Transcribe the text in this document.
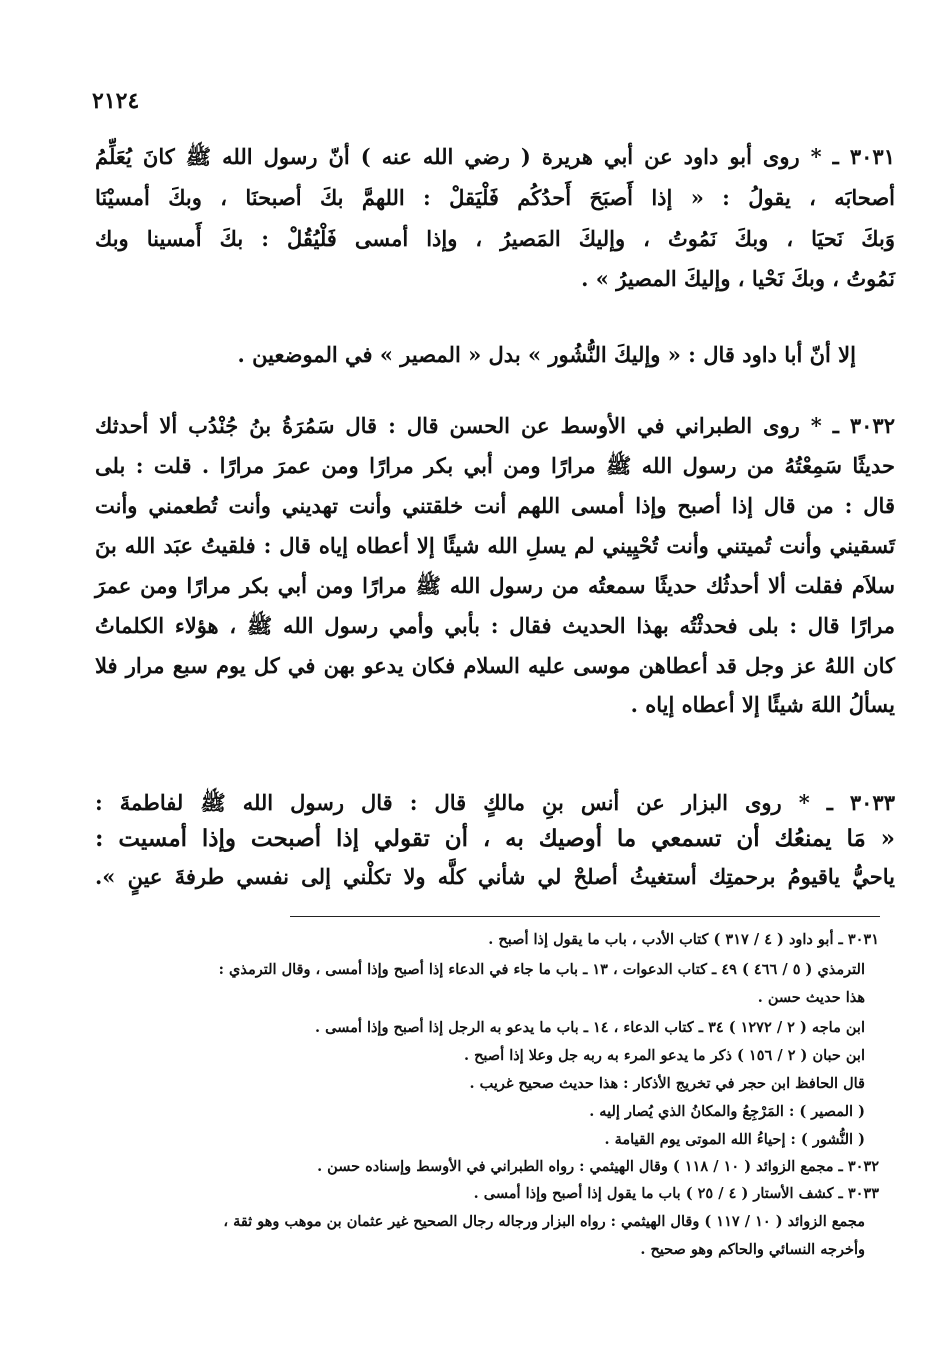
٢١٢٤
٣٠٣١ ـ * روى أبو داود عن أبي هريرة ( رضي الله عنه ) أنّ رسول الله ﷺ كانَ يُعَلِّمُ
أصحابَه ، يقولُ : « إذا أَصبَحَ أَحدُكُم فَلْيَقلْ : اللهمَّ بكَ أصبحنَا ، وبكَ أمسيْنَا
وَبكَ نَحيَا ، وبكَ نَمُوتُ ، وإليكَ المَصيرُ ، وإذا أمسى فَلْيُقُلْ : بكَ أَمسينا وبك
نَمُوتُ ، وبكَ نَحْيا ، وإليكَ المصيرُ » .
إلا أنّ أبا داود قال : « وإليكَ النُّشُور » بدل « المصير » في الموضعين .
٣٠٣٢ ـ * روى الطبراني في الأوسط عن الحسن قال : قال سَمُرَةُ بنُ جُنْدُب ألا أحدثك
حديثًا سَمِعْتُهُ من رسول الله ﷺ مرارًا ومن أبي بكر مرارًا ومن عمرَ مرارًا . قلت : بلى
قال : من قال إذا أصبح وإذا أمسى اللهم أنت خلقتني وأنت تهديني وأنت تُطعمني وأنت
تَسقيني وأنت تُميتني وأنت تُحْيِيني لم يسلِ الله شيئًا إلا أعطاه إياه قال : فلقيتُ عبَد الله بنَ
سلاَم فقلت ألا أحدثُك حديثًا سمعتُه من رسول الله ﷺ مرارًا ومن أبي بكر مرارًا ومن عمرَ
مرارًا قال : بلى فحدثْتُه بهذا الحديث فقال : بأبي وأمي رسول الله ﷺ ، هؤلاء الكلماتُ
كان اللهُ عز وجل قد أعطاهن موسى عليه السلام فكان يدعو بهن في كل يوم سبع مرار فلا
يسألُ اللهَ شيئًا إلا أعطاه إياه .
٣٠٣٣ ـ * روى البزار عن أنس بنِ مالكٍ قال : قال رسول الله ﷺ لفاطمةَ :
« مَا يمنعُك أن تسمعي ما أوصيك به ، أن تقولي إذا أصبحت وإذا أمسيت :
ياحيُّ ياقيومُ برحمتِك أستغيثُ أصلحْ لي شأني كلَّه ولا تكلْني إلى نفسي طرفةَ عينٍ ».
٣٠٣١ ـ أبو داود ( ٤ / ٣١٧ ) كتاب الأدب ، باب ما يقول إذا أصبح .
الترمذي ( ٥ / ٤٦٦ ) ٤٩ ـ كتاب الدعوات ، ١٣ ـ باب ما جاء في الدعاء إذا أصبح وإذا أمسى ، وقال الترمذي :
هذا حديث حسن .
ابن ماجه ( ٢ / ١٢٧٢ ) ٣٤ ـ كتاب الدعاء ، ١٤ ـ باب ما يدعو به الرجل إذا أصبح وإذا أمسى .
ابن حبان ( ٢ / ١٥٦ ) ذكر ما يدعو المرء به ربه جل وعلا إذا أصبح .
قال الحافظ ابن حجر في تخريج الأذكار : هذا حديث صحيح غريب .
( المصير ) : المَرْجِعُ والمكانُ الذي يُصار إليه .
( النُّشور ) : إحياءُ الله الموتى يوم القيامة .
٣٠٣٢ ـ مجمع الزوائد ( ١٠ / ١١٨ ) وقال الهيثمي : رواه الطبراني في الأوسط وإسناده حسن .
٣٠٣٣ ـ كشف الأستار ( ٤ / ٢٥ ) باب ما يقول إذا أصبح وإذا أمسى .
مجمع الزوائد ( ١٠ / ١١٧ ) وقال الهيثمي : رواه البزار ورجاله رجال الصحيح غير عثمان بن موهب وهو ثقة ،
وأخرجه النسائي والحاكم وهو صحيح .
